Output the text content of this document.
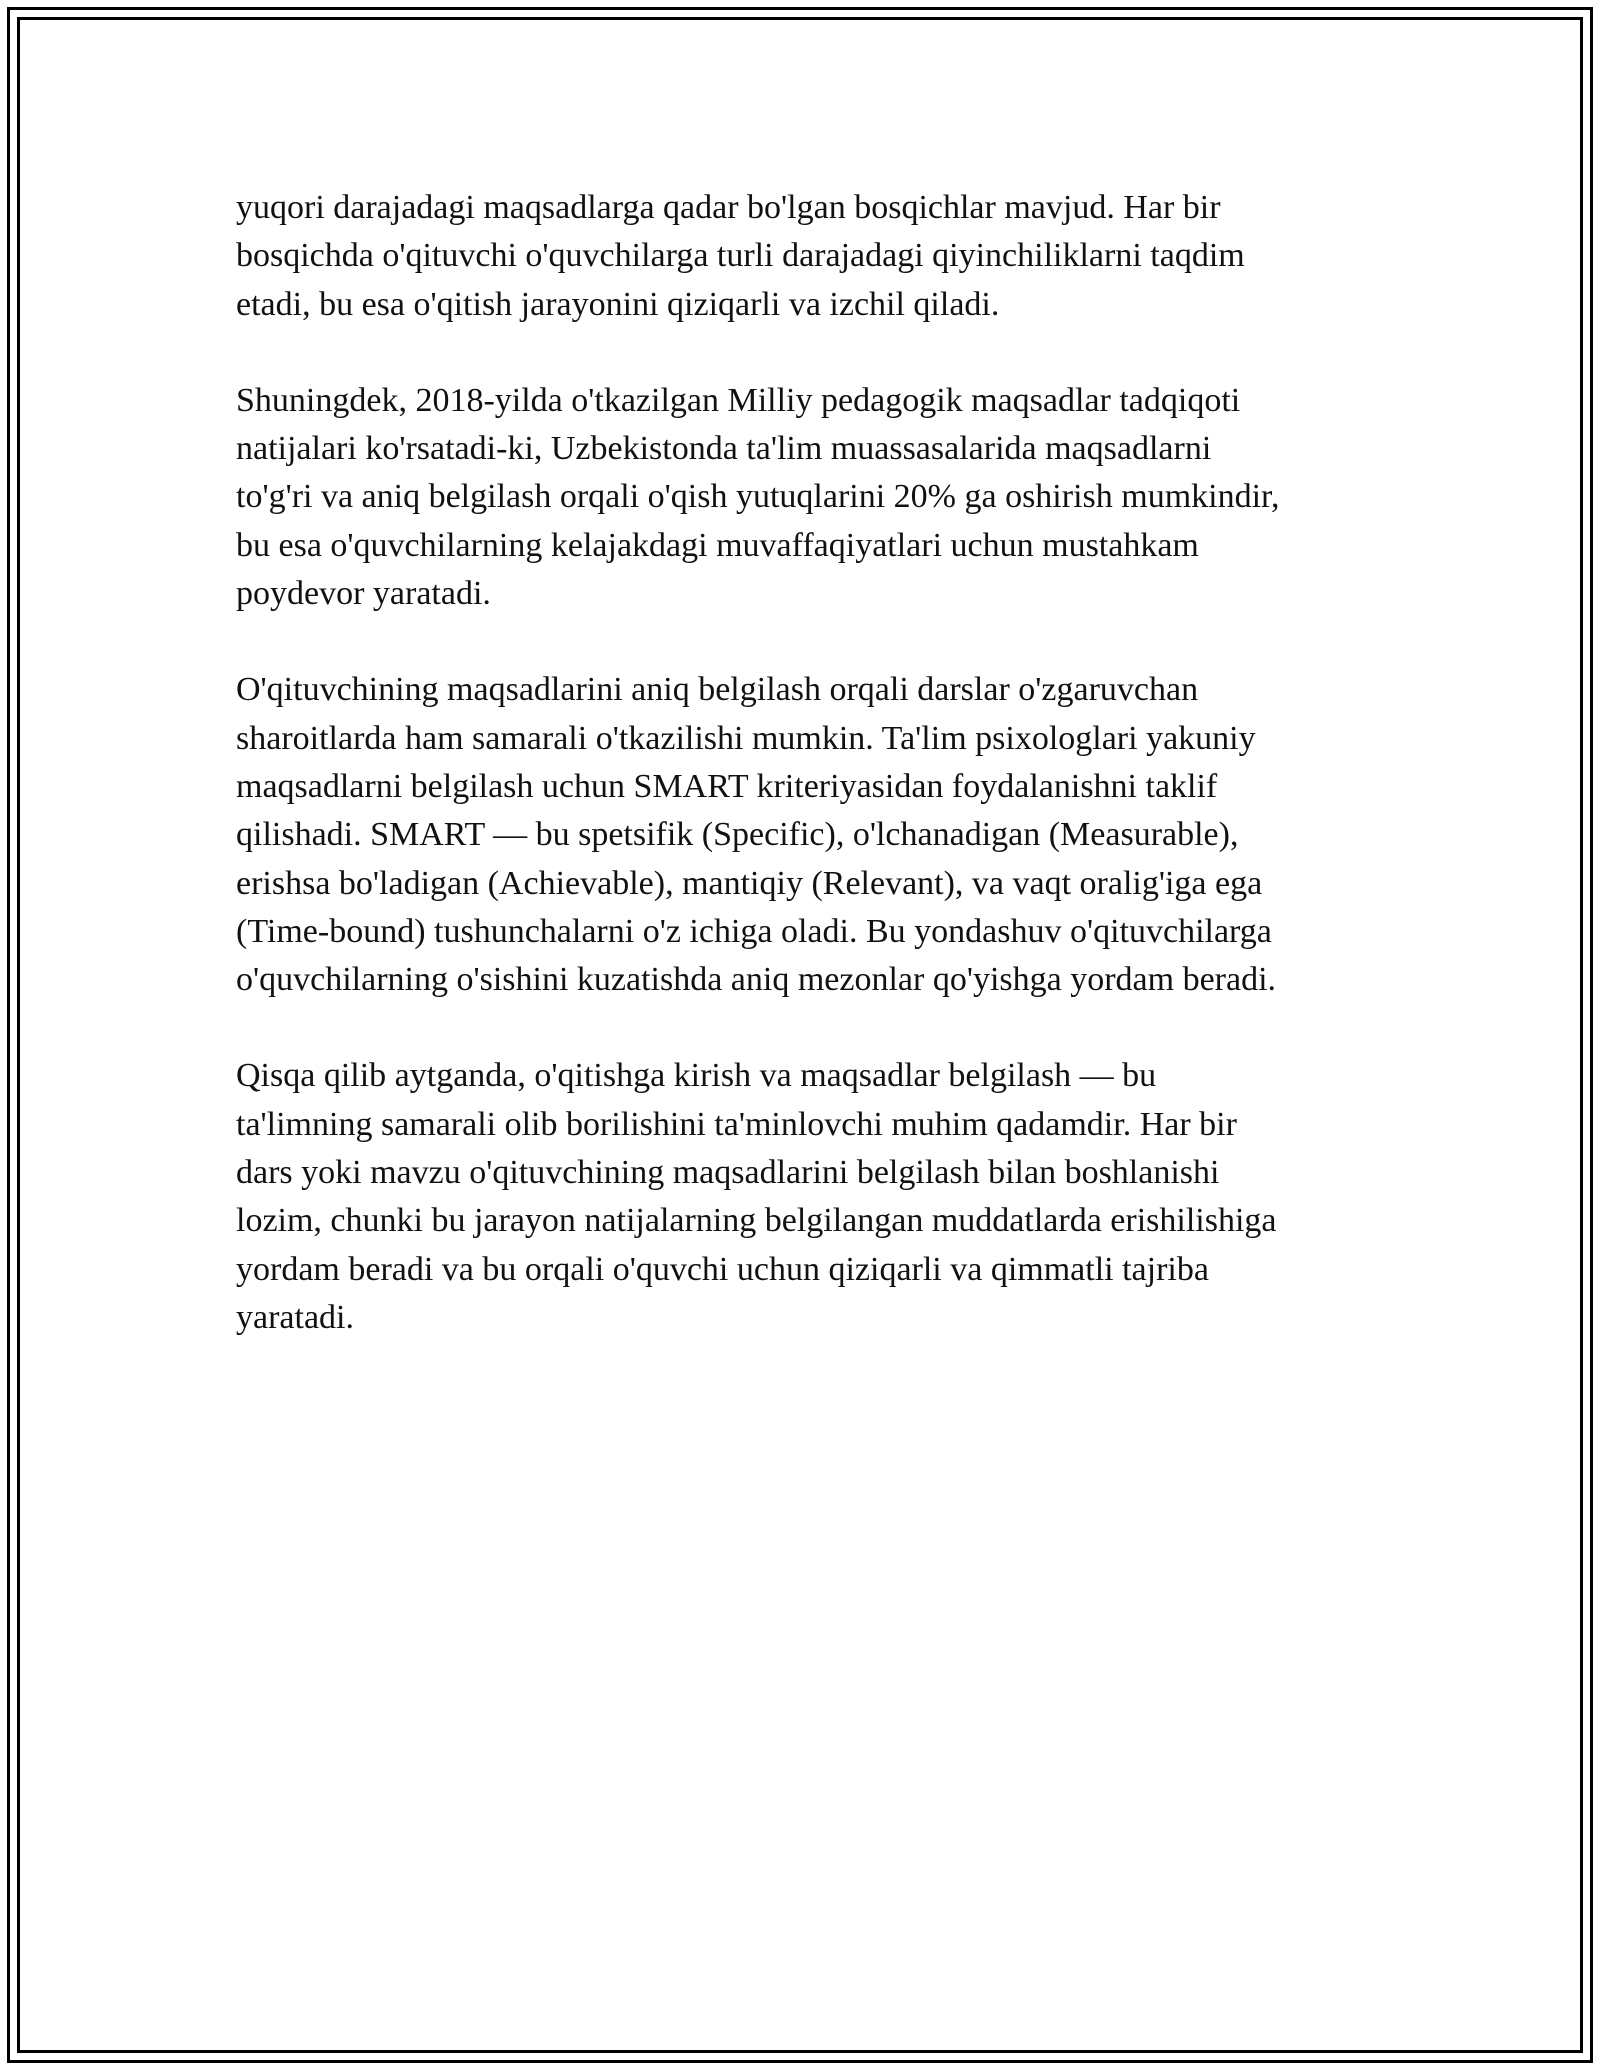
yuqori darajadagi maqsadlarga qadar bo'lgan bosqichlar mavjud. Har bir
bosqichda o'qituvchi o'quvchilarga turli darajadagi qiyinchiliklarni taqdim
etadi, bu esa o'qitish jarayonini qiziqarli va izchil qiladi.

Shuningdek, 2018-yilda o'tkazilgan Milliy pedagogik maqsadlar tadqiqoti
natijalari ko'rsatadi-ki, Uzbekistonda ta'lim muassasalarida maqsadlarni
to'g'ri va aniq belgilash orqali o'qish yutuqlarini 20% ga oshirish mumkindir,
bu esa o'quvchilarning kelajakdagi muvaffaqiyatlari uchun mustahkam
poydevor yaratadi.

O'qituvchining maqsadlarini aniq belgilash orqali darslar o'zgaruvchan
sharoitlarda ham samarali o'tkazilishi mumkin. Ta'lim psixologlari yakuniy
maqsadlarni belgilash uchun SMART kriteriyasidan foydalanishni taklif
qilishadi. SMART — bu spetsifik (Specific), o'lchanadigan (Measurable),
erishsa bo'ladigan (Achievable), mantiqiy (Relevant), va vaqt oralig'iga ega
(Time-bound) tushunchalarni o'z ichiga oladi. Bu yondashuv o'qituvchilarga
o'quvchilarning o'sishini kuzatishda aniq mezonlar qo'yishga yordam beradi.

Qisqa qilib aytganda, o'qitishga kirish va maqsadlar belgilash — bu
ta'limning samarali olib borilishini ta'minlovchi muhim qadamdir. Har bir
dars yoki mavzu o'qituvchining maqsadlarini belgilash bilan boshlanishi
lozim, chunki bu jarayon natijalarning belgilangan muddatlarda erishilishiga
yordam beradi va bu orqali o'quvchi uchun qiziqarli va qimmatli tajriba
yaratadi.
